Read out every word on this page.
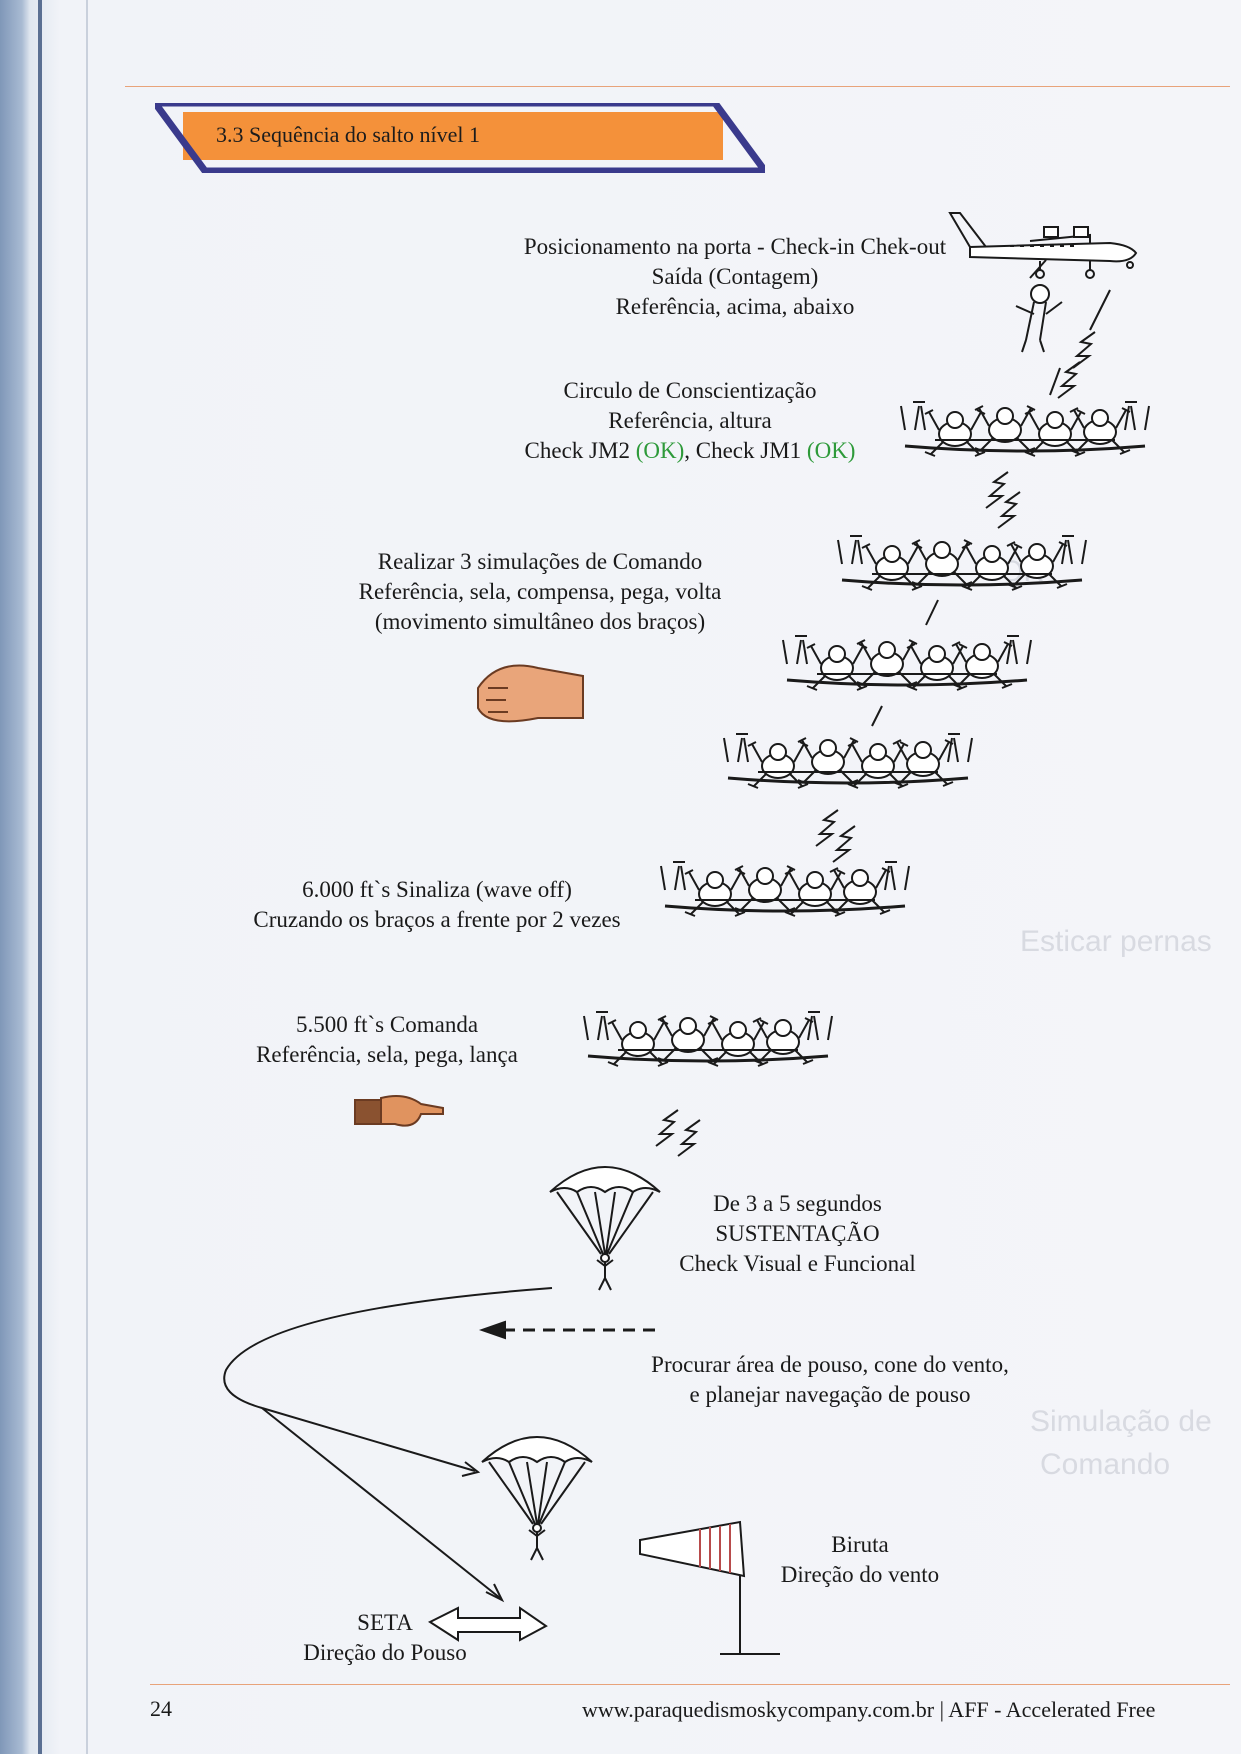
OK
Esticar pernas
Simulação de
Comando
3.3 Sequência do salto nível 1
Posicionamento na porta - Check-in Chek-out
Saída (Contagem)
Referência, acima, abaixo
Circulo de Conscientização
Referência, altura
Check JM2 (OK), Check JM1 (OK)
Realizar 3 simulações de Comando
Referência, sela, compensa, pega, volta
(movimento simultâneo dos braços)
6.000 ft`s Sinaliza (wave off)
Cruzando os braços a frente por 2 vezes
5.500 ft`s Comanda
Referência, sela, pega, lança
De 3 a 5 segundos
SUSTENTAÇÃO
Check Visual e Funcional
Procurar área de pouso, cone do vento,
e planejar navegação de pouso
Biruta
Direção do vento
SETA
Direção do Pouso
24	www.paraquedismoskycompany.com.br | AFF - Accelerated Free
